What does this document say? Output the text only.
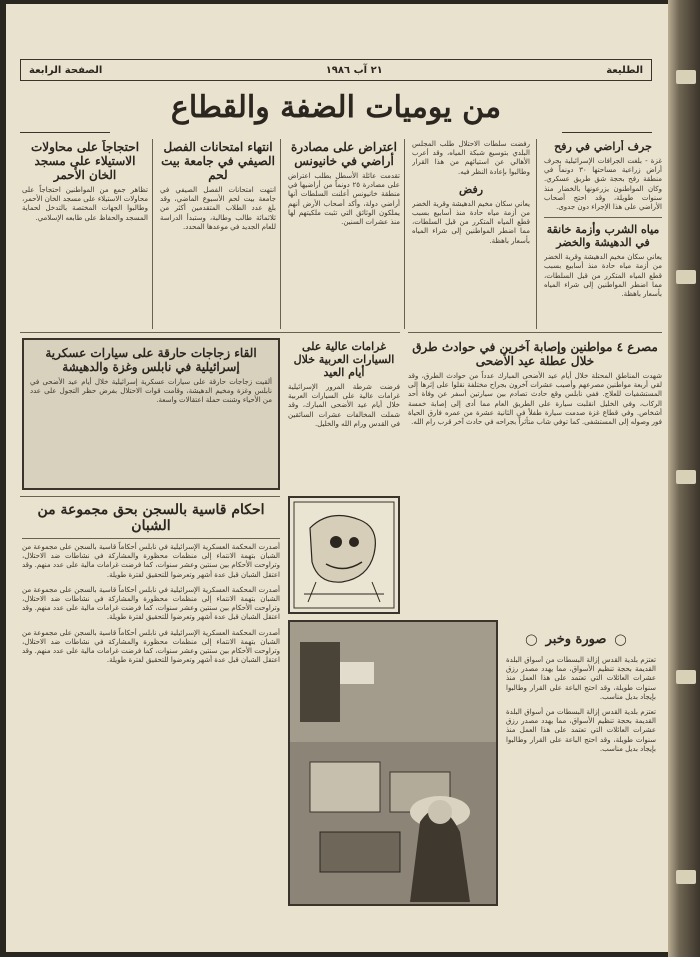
الطليعة
٢١ آب ١٩٨٦
الصفحة الرابعة
من يوميات الضفة والقطاع
جرف أراضي في رفح

غزة - بلغت الجرافات الإسرائيلية بجرف أراض زراعية مساحتها ٣٠ دونماً في منطقة رفح بحجة شق طريق عسكري. وكان المواطنون يزرعونها بالخضار منذ سنوات طويلة، وقد احتج أصحاب الأراضي على هذا الإجراء دون جدوى.

مياه الشرب وأزمة خانقة في الدهيشة والخضر

يعاني سكان مخيم الدهيشة وقرية الخضر من أزمة مياه حادة منذ أسابيع بسبب قطع المياه المتكرر من قبل السلطات، مما اضطر المواطنين إلى شراء المياه بأسعار باهظة.

رفضت سلطات الاحتلال طلب المجلس البلدي بتوسيع شبكة المياه، وقد أعرب الأهالي عن استيائهم من هذا القرار وطالبوا بإعادة النظر فيه.

رفض

يعاني سكان مخيم الدهيشة وقرية الخضر من أزمة مياه حادة منذ أسابيع بسبب قطع المياه المتكرر من قبل السلطات، مما اضطر المواطنين إلى شراء المياه بأسعار باهظة.

اعتراض على مصادرة أراضي في خانيونس

تقدمت عائلة الأسطل بطلب اعتراض على مصادرة ٢٥ دونماً من أراضيها في منطقة خانيونس أعلنت السلطات أنها أراضي دولة، وأكد أصحاب الأرض أنهم يملكون الوثائق التي تثبت ملكيتهم لها منذ عشرات السنين.

انتهاء امتحانات الفصل الصيفي في جامعة بيت لحم

انتهت امتحانات الفصل الصيفي في جامعة بيت لحم الأسبوع الماضي، وقد بلغ عدد الطلاب المتقدمين أكثر من ثلاثمائة طالب وطالبة، وستبدأ الدراسة للعام الجديد في موعدها المحدد.

احتجاجاً على محاولات الاستيلاء على مسجد الخان الأحمر

تظاهر جمع من المواطنين احتجاجاً على محاولات الاستيلاء على مسجد الخان الأحمر، وطالبوا الجهات المختصة بالتدخل لحماية المسجد والحفاظ على طابعه الإسلامي.

غرامات عالية على السيارات العربية خلال أيام العيد

فرضت شرطة المرور الإسرائيلية غرامات عالية على السيارات العربية خلال أيام عيد الأضحى المبارك، وقد شملت المخالفات عشرات السائقين في القدس ورام الله والخليل.

القاء زجاجات حارقة على سيارات عسكرية إسرائيلية في نابلس وغزة والدهيشة

ألقيت زجاجات حارقة على سيارات عسكرية إسرائيلية خلال أيام عيد الأضحى في نابلس وغزة ومخيم الدهيشة، وقامت قوات الاحتلال بفرض حظر التجول على عدد من الأحياء وشنت حملة اعتقالات واسعة.

مصرع ٤ مواطنين وإصابة آخرين في حوادث طرق خلال عطلة عيد الأضحى

شهدت المناطق المحتلة خلال أيام عيد الأضحى المبارك عدداً من حوادث الطرق، وقد لقي أربعة مواطنين مصرعهم وأصيب عشرات آخرون بجراح مختلفة نقلوا على إثرها إلى المستشفيات للعلاج. ففي نابلس وقع حادث تصادم بين سيارتين أسفر عن وفاة أحد الركاب، وفي الخليل انقلبت سيارة على الطريق العام مما أدى إلى إصابة خمسة أشخاص. وفي قطاع غزة صدمت سيارة طفلاً في الثانية عشرة من عمره فارق الحياة فور وصوله إلى المستشفى. كما توفي شاب متأثراً بجراحه في حادث آخر قرب رام الله.

احكام قاسية بالسجن بحق مجموعة من الشبان

أصدرت المحكمة العسكرية الإسرائيلية في نابلس أحكاماً قاسية بالسجن على مجموعة من الشبان بتهمة الانتماء إلى منظمات محظورة والمشاركة في نشاطات ضد الاحتلال، وتراوحت الأحكام بين سنتين وعشر سنوات، كما فرضت غرامات مالية على عدد منهم. وقد اعتقل الشبان قبل عدة أشهر وتعرضوا للتحقيق لفترة طويلة.

أصدرت المحكمة العسكرية الإسرائيلية في نابلس أحكاماً قاسية بالسجن على مجموعة من الشبان بتهمة الانتماء إلى منظمات محظورة والمشاركة في نشاطات ضد الاحتلال، وتراوحت الأحكام بين سنتين وعشر سنوات، كما فرضت غرامات مالية على عدد منهم. وقد اعتقل الشبان قبل عدة أشهر وتعرضوا للتحقيق لفترة طويلة.

أصدرت المحكمة العسكرية الإسرائيلية في نابلس أحكاماً قاسية بالسجن على مجموعة من الشبان بتهمة الانتماء إلى منظمات محظورة والمشاركة في نشاطات ضد الاحتلال، وتراوحت الأحكام بين سنتين وعشر سنوات، كما فرضت غرامات مالية على عدد منهم. وقد اعتقل الشبان قبل عدة أشهر وتعرضوا للتحقيق لفترة طويلة.

◯
صورة وخبر
◯

تعتزم بلدية القدس إزالة البسطات من أسواق البلدة القديمة بحجة تنظيم الأسواق، مما يهدد مصدر رزق عشرات العائلات التي تعتمد على هذا العمل منذ سنوات طويلة، وقد احتج الباعة على القرار وطالبوا بإيجاد بديل مناسب.

تعتزم بلدية القدس إزالة البسطات من أسواق البلدة القديمة بحجة تنظيم الأسواق، مما يهدد مصدر رزق عشرات العائلات التي تعتمد على هذا العمل منذ سنوات طويلة، وقد احتج الباعة على القرار وطالبوا بإيجاد بديل مناسب.
